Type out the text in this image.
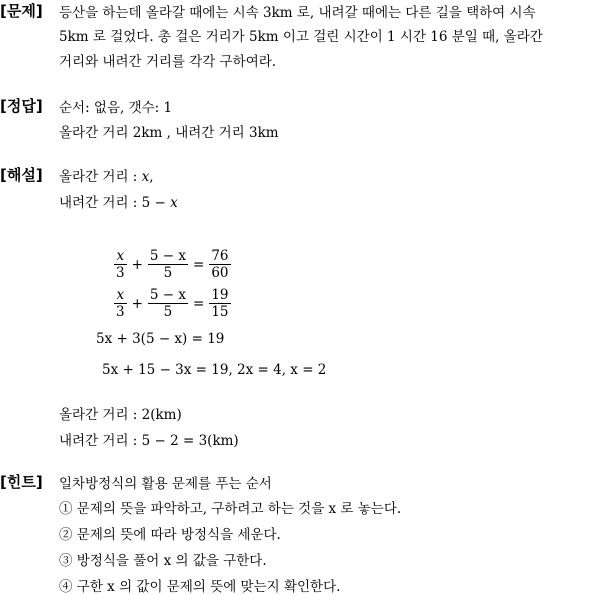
[문제] 등산을 하는데 올라갈 때에는 시속 3km 로, 내려갈 때에는 다른 길을 택하여 시속
5km 로 걸었다. 총 걸은 거리가 5km 이고 걸린 시간이 1 시간 16 분일 때, 올라간
거리와 내려간 거리를 각각 구하여라.
[정답] 순서: 없음, 갯수: 1
올라간 거리 2km , 내려간 거리 3km
[해설] 올라간 거리 : x,
내려간 거리 : 5 − x
$\frac{x}{3} + \frac{5 - x}{5} = \frac{76}{60}$
$\frac{x}{3} + \frac{5 - x}{5} = \frac{19}{15}$
5x + 3(5 − x) = 19
5x + 15 − 3x = 19, 2x = 4, x = 2
올라간 거리 : 2(km)
내려간 거리 : 5 − 2 = 3(km)
[힌트] 일차방정식의 활용 문제를 푸는 순서
① 문제의 뜻을 파악하고, 구하려고 하는 것을 x 로 놓는다.
② 문제의 뜻에 따라 방정식을 세운다.
③ 방정식을 풀어 x 의 값을 구한다.
④ 구한 x 의 값이 문제의 뜻에 맞는지 확인한다.
